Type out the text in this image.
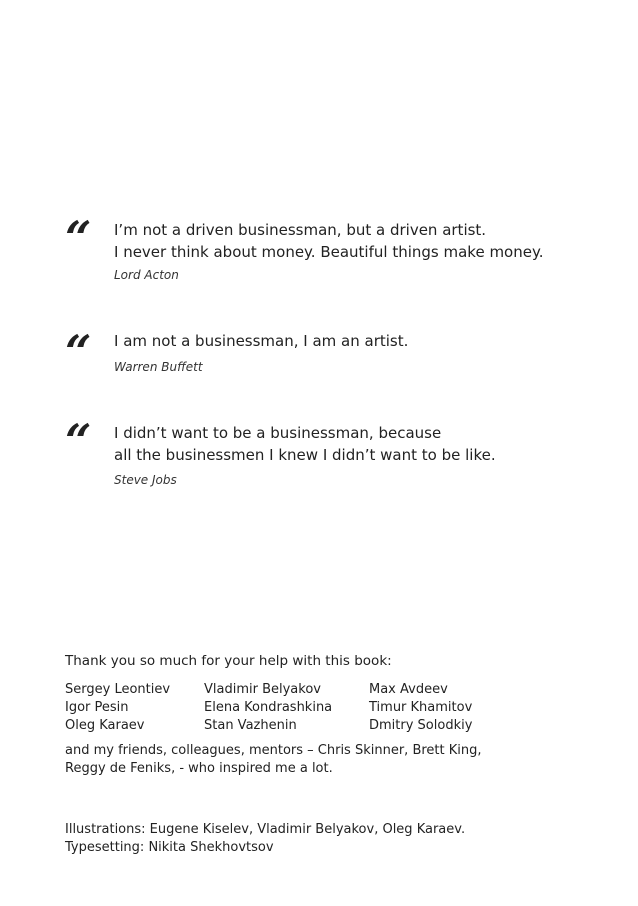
“ I’m not a driven businessman, but a driven artist.
I never think about money. Beautiful things make money.
Lord Acton
“ I am not a businessman, I am an artist.
Warren Buffett
“ I didn’t want to be a businessman, because
all the businessmen I knew I didn’t want to be like.
Steve Jobs
Thank you so much for your help with this book:
Sergey Leontiev	Vladimir Belyakov	Max Avdeev
Igor Pesin	Elena Kondrashkina	Timur Khamitov
Oleg Karaev	Stan Vazhenin	Dmitry Solodkiy
and my friends, colleagues, mentors – Chris Skinner, Brett King,
Reggy de Feniks, - who inspired me a lot.
Illustrations: Eugene Kiselev, Vladimir Belyakov, Oleg Karaev.
Typesetting: Nikita Shekhovtsov
